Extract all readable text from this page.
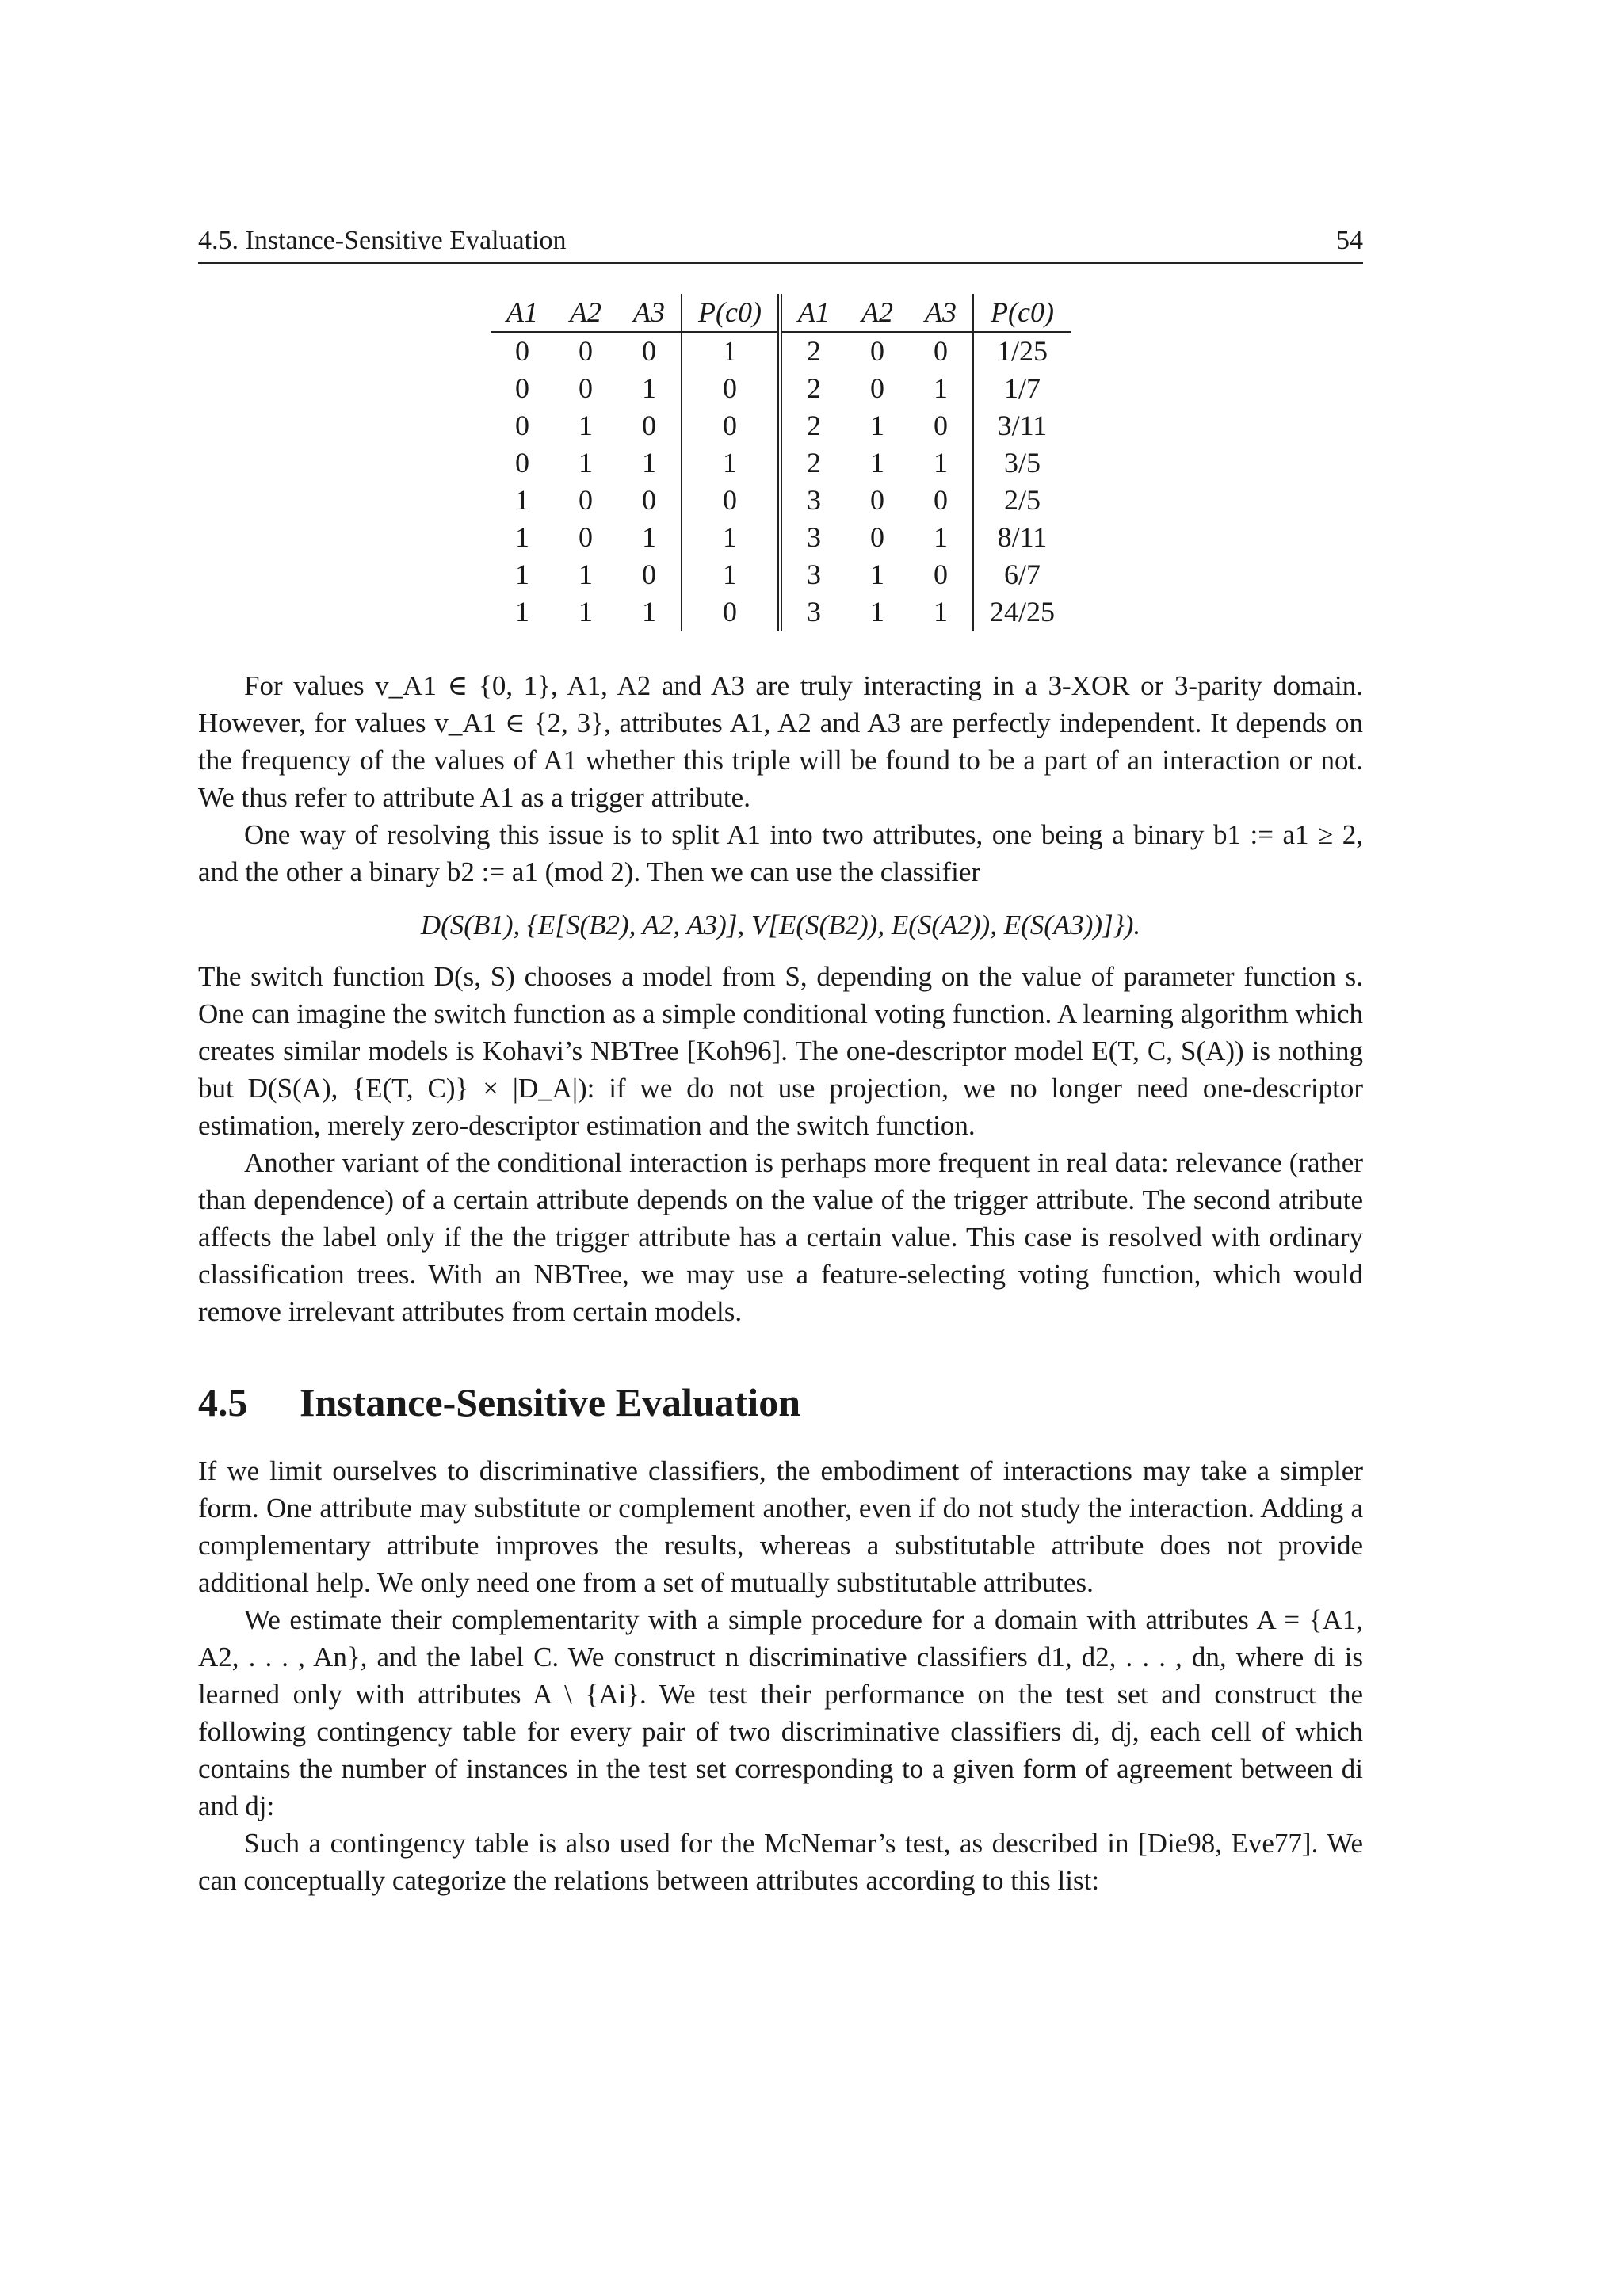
4.5. Instance-Sensitive Evaluation	54
A1	A2	A3	P(c0)	A1	A2	A3	P(c0)
0	0	0	1	2	0	0	1/25
0	0	1	0	2	0	1	1/7
0	1	0	0	2	1	0	3/11
0	1	1	1	2	1	1	3/5
1	0	0	0	3	0	0	2/5
1	0	1	1	3	0	1	8/11
1	1	0	1	3	1	0	6/7
1	1	1	0	3	1	1	24/25

For values v_A1 ∈ {0, 1}, A1, A2 and A3 are truly interacting in a 3-XOR or 3-parity domain. However, for values v_A1 ∈ {2, 3}, attributes A1, A2 and A3 are perfectly independent. It depends on the frequency of the values of A1 whether this triple will be found to be a part of an interaction or not. We thus refer to attribute A1 as a trigger attribute.

One way of resolving this issue is to split A1 into two attributes, one being a binary b1 := a1 ≥ 2, and the other a binary b2 := a1 (mod 2). Then we can use the classifier

D(S(B1), {E[S(B2), A2, A3)], V[E(S(B2)), E(S(A2)), E(S(A3))]}).

The switch function D(s, S) chooses a model from S, depending on the value of parameter function s. One can imagine the switch function as a simple conditional voting function. A learning algorithm which creates similar models is Kohavi’s NBTree [Koh96]. The one-descriptor model E(T, C, S(A)) is nothing but D(S(A), {E(T, C)} × |D_A|): if we do not use projection, we no longer need one-descriptor estimation, merely zero-descriptor estimation and the switch function.

Another variant of the conditional interaction is perhaps more frequent in real data: relevance (rather than dependence) of a certain attribute depends on the value of the trigger attribute. The second atribute affects the label only if the the trigger attribute has a certain value. This case is resolved with ordinary classification trees. With an NBTree, we may use a feature-selecting voting function, which would remove irrelevant attributes from certain models.

4.5 Instance-Sensitive Evaluation

If we limit ourselves to discriminative classifiers, the embodiment of interactions may take a simpler form. One attribute may substitute or complement another, even if do not study the interaction. Adding a complementary attribute improves the results, whereas a substitutable attribute does not provide additional help. We only need one from a set of mutually substitutable attributes.

We estimate their complementarity with a simple procedure for a domain with attributes A = {A1, A2, . . . , An}, and the label C. We construct n discriminative classifiers d1, d2, . . . , dn, where di is learned only with attributes A \ {Ai}. We test their performance on the test set and construct the following contingency table for every pair of two discriminative classifiers di, dj, each cell of which contains the number of instances in the test set corresponding to a given form of agreement between di and dj:

Such a contingency table is also used for the McNemar’s test, as described in [Die98, Eve77]. We can conceptually categorize the relations between attributes according to this list:
